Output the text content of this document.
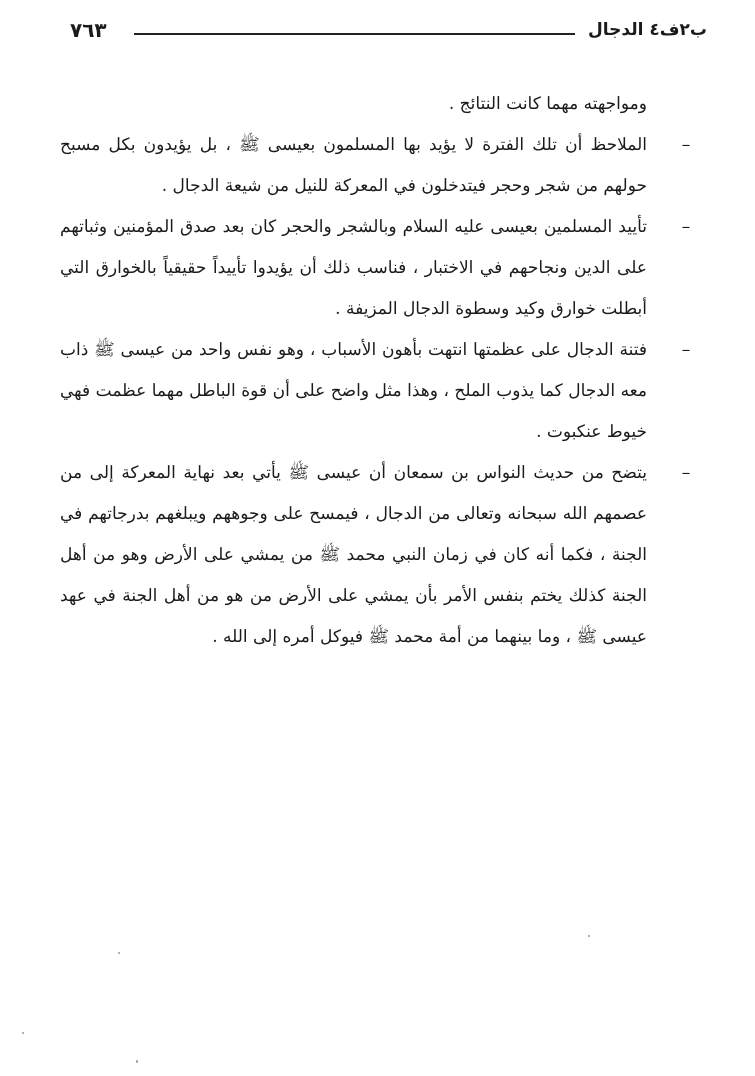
ب٢ف٤ الدجال
٧٦٣

ومواجهته مهما كانت النتائج .

–
الملاحظ أن تلك الفترة لا يؤيد بها المسلمون بعيسى ﷺ ، بل يؤيدون بكل مسبح حولهم من شجر وحجر فيتدخلون في المعركة للنيل من شيعة الدجال .
–
تأييد المسلمين بعيسى عليه السلام وبالشجر والحجر كان بعد صدق المؤمنين وثباتهم على الدين ونجاحهم في الاختبار ، فناسب ذلك أن يؤيدوا تأييداً حقيقياً بالخوارق التي أبطلت خوارق وكيد وسطوة الدجال المزيفة .
–
فتنة الدجال على عظمتها انتهت بأهون الأسباب ، وهو نفس واحد من عيسى ﷺ ذاب معه الدجال كما يذوب الملح ، وهذا مثل واضح على أن قوة الباطل مهما عظمت فهي خيوط عنكبوت .
–
يتضح من حديث النواس بن سمعان أن عيسى ﷺ يأتي بعد نهاية المعركة إلى من عصمهم الله سبحانه وتعالى من الدجال ، فيمسح على وجوههم ويبلغهم بدرجاتهم في الجنة ، فكما أنه كان في زمان النبي محمد ﷺ من يمشي على الأرض وهو من أهل الجنة كذلك يختم بنفس الأمر بأن يمشي على الأرض من هو من أهل الجنة في عهد عيسى ﷺ ، وما بينهما من أمة محمد ﷺ فيوكل أمره إلى الله .
